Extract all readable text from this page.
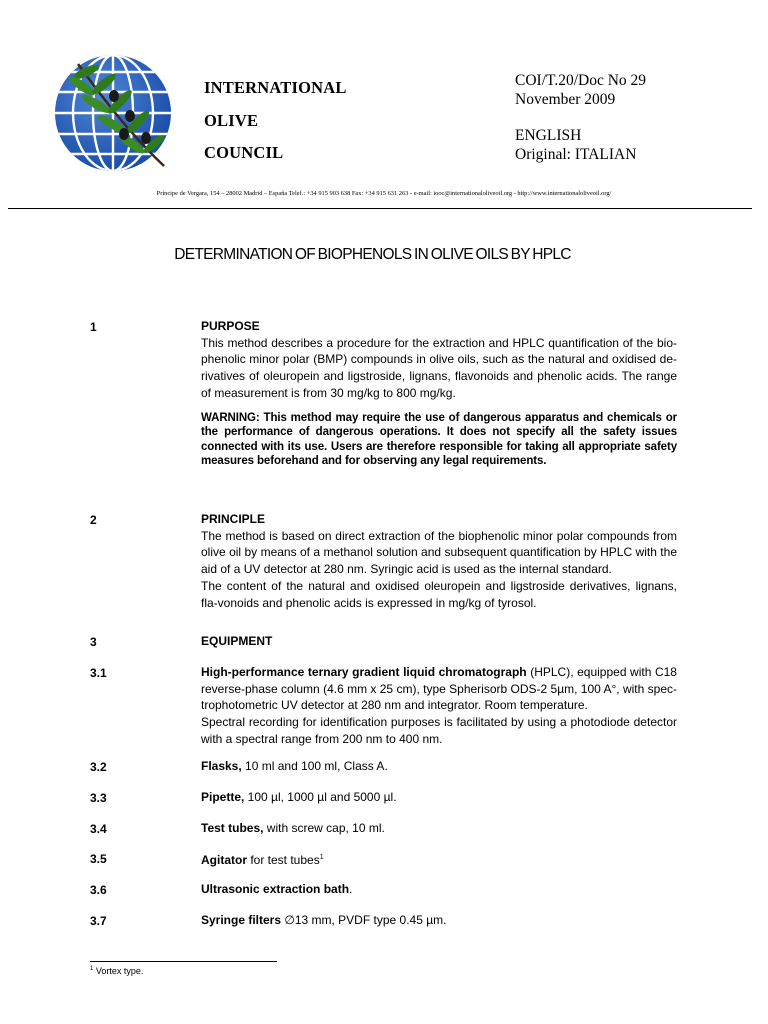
INTERNATIONAL
OLIVE
COUNCIL
COI/T.20/Doc No 29
November 2009
ENGLISH
Original: ITALIAN
Príncipe de Vergara, 154 – 28002 Madrid – España Telef.: +34 915 903 638 Fax: +34 915 631 263 - e-mail: iooc@internationaloliveoil.org - http://www.internationaloliveoil.org/
DETERMINATION OF BIOPHENOLS IN OLIVE OILS BY HPLC
1	PURPOSE

This method describes a procedure for the extraction and HPLC quantification of the bio-phenolic minor polar (BMP) compounds in olive oils, such as the natural and oxidised de-rivatives of oleuropein and ligstroside, lignans, flavonoids and phenolic acids. The range of measurement is from 30 mg/kg to 800 mg/kg.

WARNING: This method may require the use of dangerous apparatus and chemicals or the performance of dangerous operations. It does not specify all the safety issues connected with its use. Users are therefore responsible for taking all appropriate safety measures beforehand and for observing any legal requirements.

2	PRINCIPLE

The method is based on direct extraction of the biophenolic minor polar compounds from olive oil by means of a methanol solution and subsequent quantification by HPLC with the aid of a UV detector at 280 nm. Syringic acid is used as the internal standard.

The content of the natural and oxidised oleuropein and ligstroside derivatives, lignans, fla-vonoids and phenolic acids is expressed in mg/kg of tyrosol.

3	EQUIPMENT

3.1	High-performance ternary gradient liquid chromatograph (HPLC), equipped with C18 reverse-phase column (4.6 mm x 25 cm), type Spherisorb ODS-2 5µm, 100 A°, with spec-trophotometric UV detector at 280 nm and integrator. Room temperature.

Spectral recording for identification purposes is facilitated by using a photodiode detector with a spectral range from 200 nm to 400 nm.

3.2	Flasks, 10 ml and 100 ml, Class A.

3.3	Pipette, 100 µl, 1000 µl and 5000 µl.

3.4	Test tubes, with screw cap, 10 ml.

3.5	Agitator for test tubes$^1$

3.6	Ultrasonic extraction bath.

3.7	Syringe filters ∅13 mm, PVDF type 0.45 µm.

$^1$ Vortex type.
